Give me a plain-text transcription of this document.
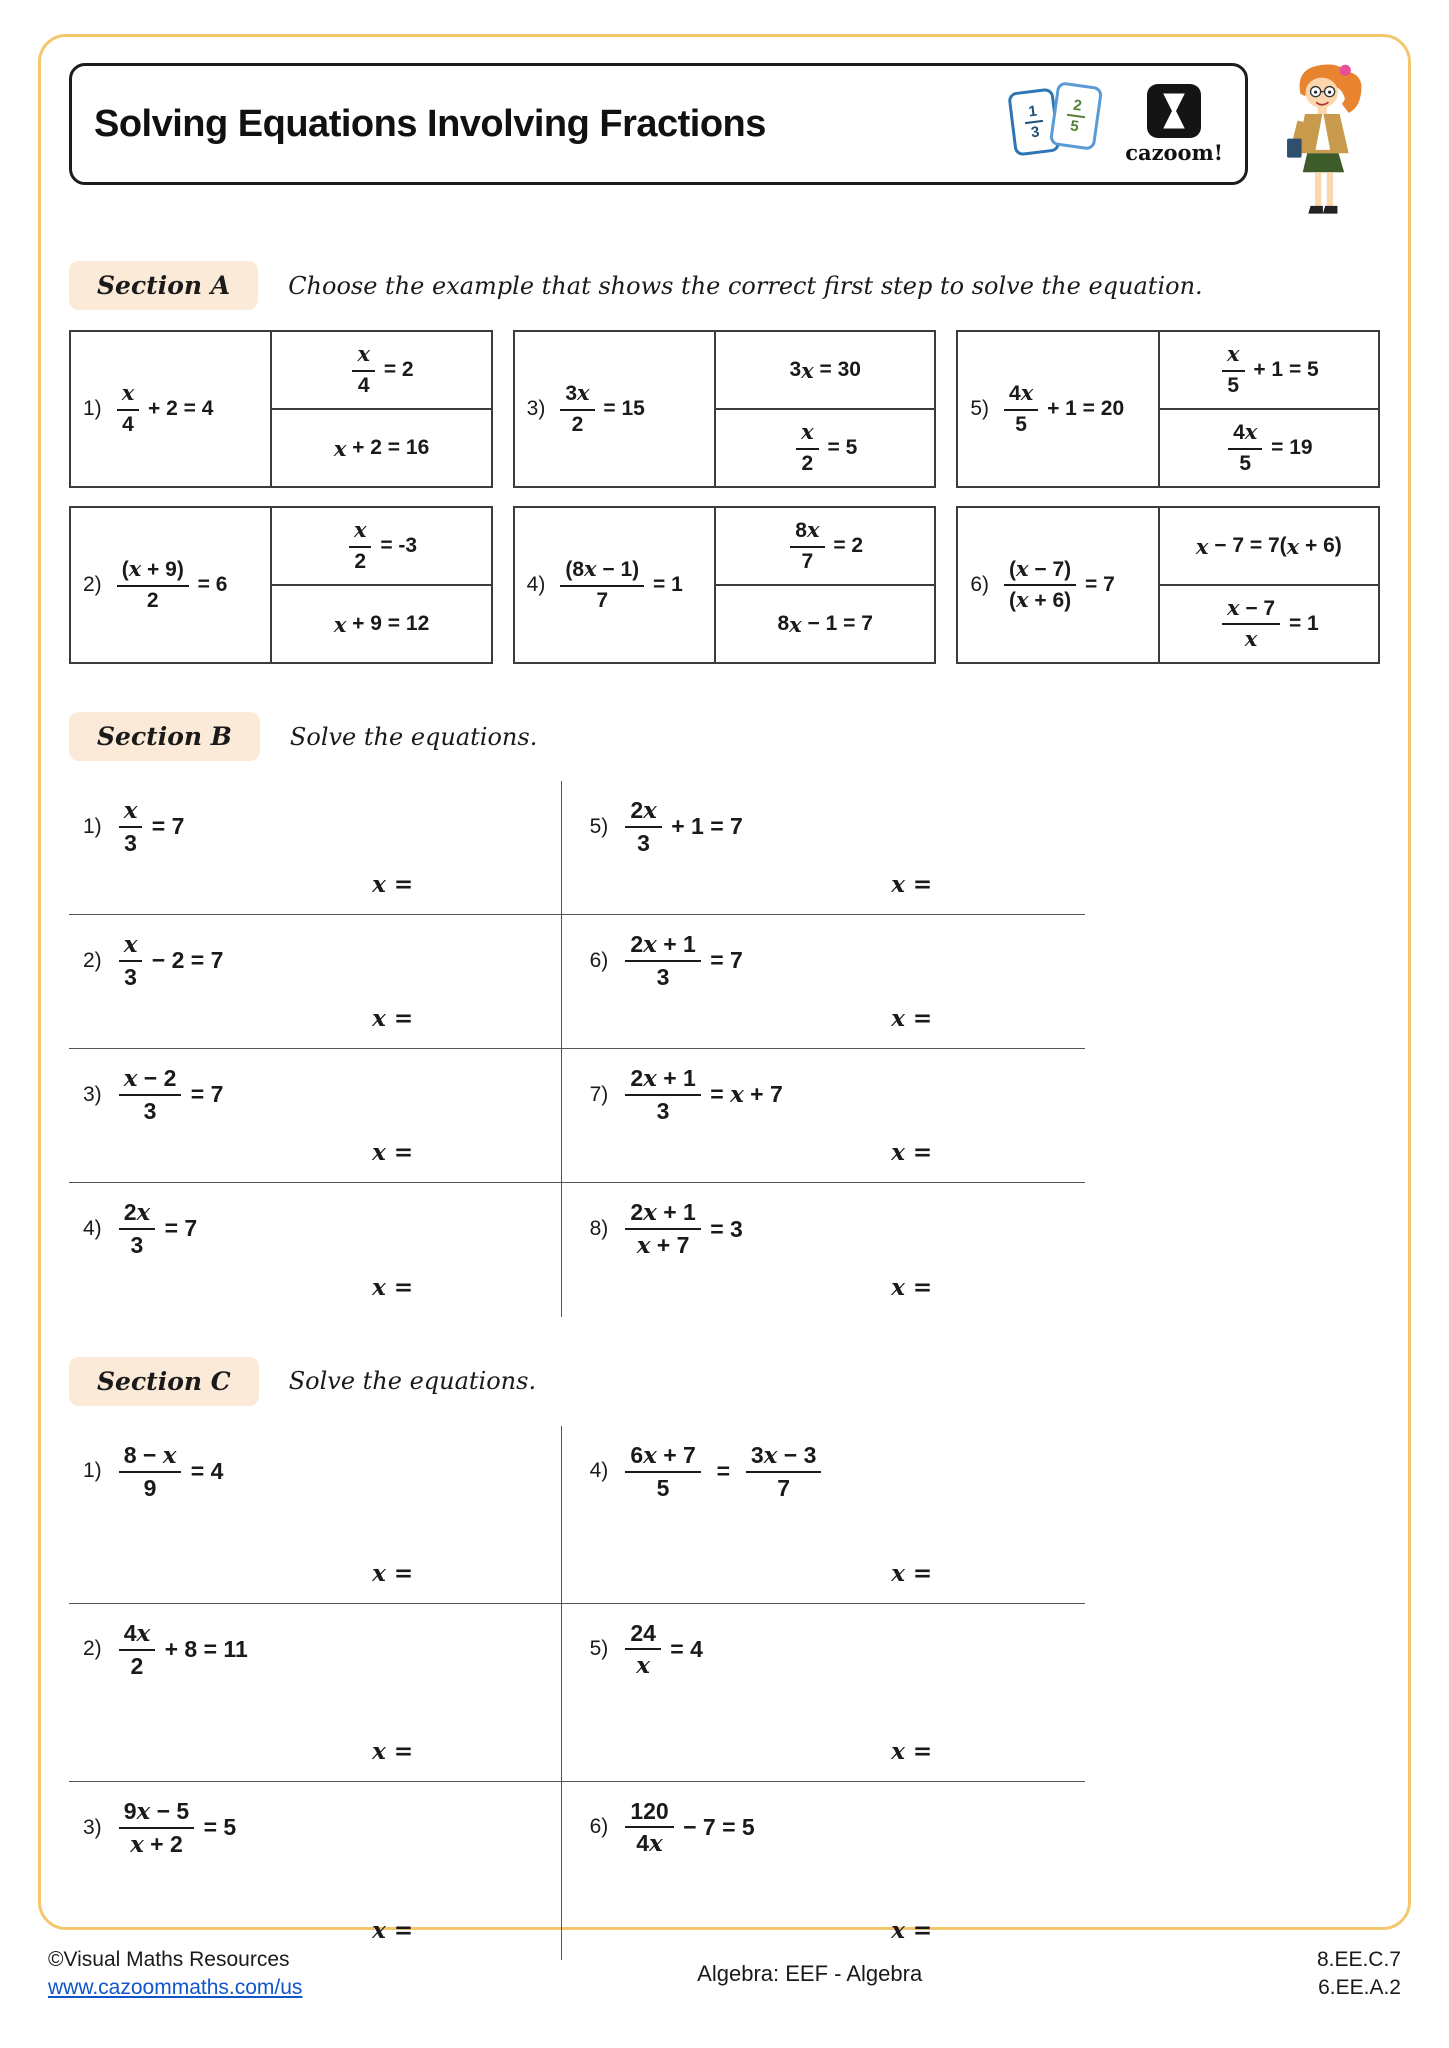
Solving Equations Involving Fractions	1
3
2
5
cazoom!
Section A	Choose the example that shows the correct first step to solve the equation.
$1) \frac{x}{4} + 2 = 4$
$\frac{x}{4} = 2$
x + 2 = 16
$3) \frac{3x}{2} = 15$
3 x = 30
$\frac{x}{2} = 5$
$5) \frac{4x}{5} + 1 = 20$
$\frac{x}{5} + 1 = 5$
$\frac{4x}{5} = 19$
$2) \frac{(x + 9)}{2} = 6$
$\frac{x}{2} = -3$
x + 9 = 12
$4) \frac{(8x - 1)}{7} = 1$
$\frac{8x}{7} = 2$
8 x − 1 = 7
$6) \frac{(x - 7)}{(x + 6)} = 7$
x − 7 = 7( x + 6)
$\frac{x - 7}{x} = 1$
Section B	Solve the equations.
$1) \frac{x}{3} = 7$
x =
$5) \frac{2x}{3} + 1 = 7$
x =
$2) \frac{x}{3} - 2 = 7$
x =
$6) \frac{2x + 1}{3} = 7$
x =
$3) \frac{x - 2}{3} = 7$
x =
$7) \frac{2x + 1}{3} = x + 7$
x =
$4) \frac{2x}{3} = 7$
x =
$8) \frac{2x + 1}{x + 7} = 3$
x =
Section C	Solve the equations.
$1) \frac{8 - x}{9} = 4$
x =
$4) \frac{6x + 7}{5} = \frac{3x - 3}{7}$
x =
$2) \frac{4x}{2} + 8 = 11$
x =
$5) \frac{24}{x} = 4$
x =
$3) \frac{9x - 5}{x + 2} = 5$
x =
$6) \frac{120}{4x} - 7 = 5$
x =
©Visual Maths Resources
www.cazoommaths.com/us
Algebra: EEF - Algebra
8.EE.C.7
6.EE.A.2
